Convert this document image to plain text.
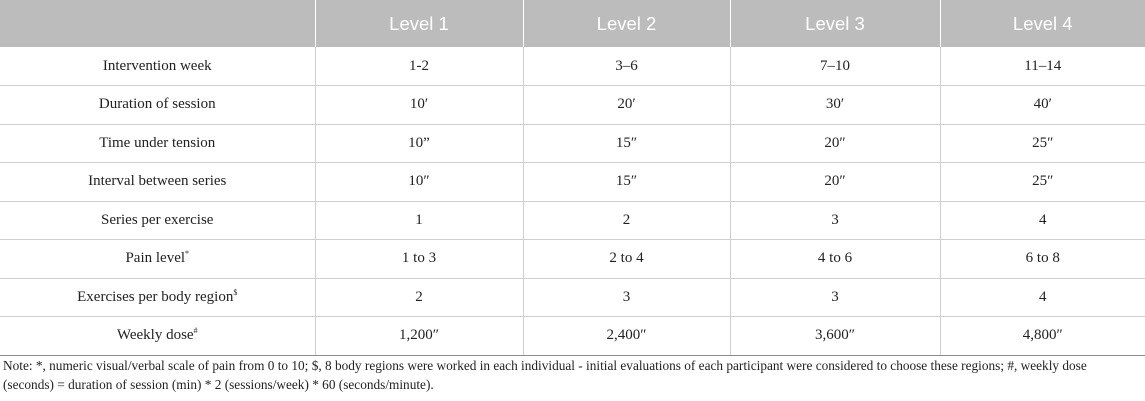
	Level 1	Level 2	Level 3	Level 4
Intervention week	1-2	3–6	7–10	11–14
Duration of session	10′	20′	30′	40′
Time under tension	10”	15″	20″	25″
Interval between series	10″	15″	20″	25″
Series per exercise	1	2	3	4
Pain level*	1 to 3	2 to 4	4 to 6	6 to 8
Exercises per body region$	2	3	3	4
Weekly dose#	1,200″	2,400″	3,600″	4,800″
Note: *, numeric visual/verbal scale of pain from 0 to 10; $, 8 body regions were worked in each individual - initial evaluations of each participant were considered to choose these regions; #, weekly dose (seconds) = duration of session (min) * 2 (sessions/week) * 60 (seconds/minute).
